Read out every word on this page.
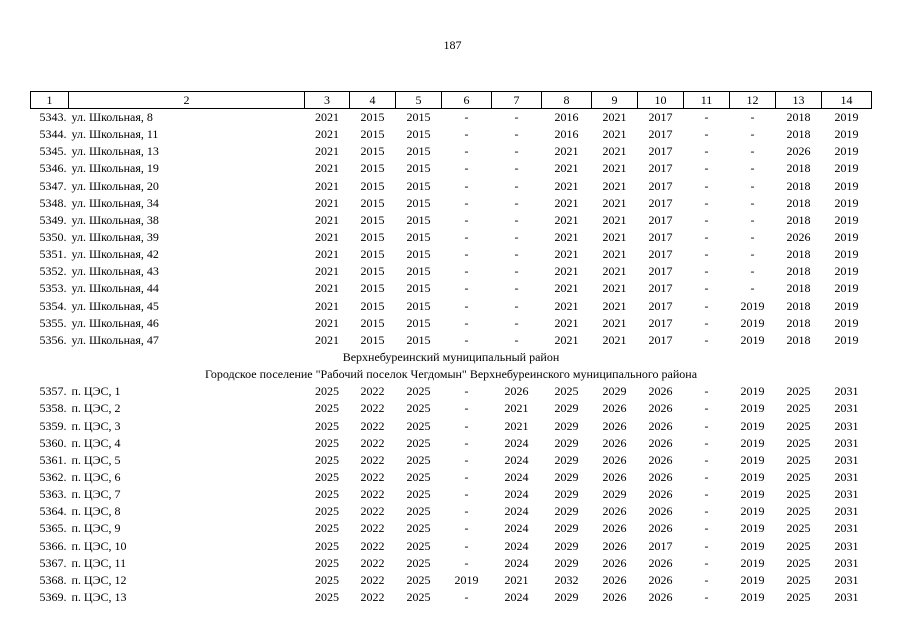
187
1	2	3	4	5	6	7	8	9	10	11	12	13	14
5343.	ул. Школьная, 8	2021	2015	2015	-	-	2016	2021	2017	-	-	2018	2019
5344.	ул. Школьная, 11	2021	2015	2015	-	-	2016	2021	2017	-	-	2018	2019
5345.	ул. Школьная, 13	2021	2015	2015	-	-	2021	2021	2017	-	-	2026	2019
5346.	ул. Школьная, 19	2021	2015	2015	-	-	2021	2021	2017	-	-	2018	2019
5347.	ул. Школьная, 20	2021	2015	2015	-	-	2021	2021	2017	-	-	2018	2019
5348.	ул. Школьная, 34	2021	2015	2015	-	-	2021	2021	2017	-	-	2018	2019
5349.	ул. Школьная, 38	2021	2015	2015	-	-	2021	2021	2017	-	-	2018	2019
5350.	ул. Школьная, 39	2021	2015	2015	-	-	2021	2021	2017	-	-	2026	2019
5351.	ул. Школьная, 42	2021	2015	2015	-	-	2021	2021	2017	-	-	2018	2019
5352.	ул. Школьная, 43	2021	2015	2015	-	-	2021	2021	2017	-	-	2018	2019
5353.	ул. Школьная, 44	2021	2015	2015	-	-	2021	2021	2017	-	-	2018	2019
5354.	ул. Школьная, 45	2021	2015	2015	-	-	2021	2021	2017	-	2019	2018	2019
5355.	ул. Школьная, 46	2021	2015	2015	-	-	2021	2021	2017	-	2019	2018	2019
5356.	ул. Школьная, 47	2021	2015	2015	-	-	2021	2021	2017	-	2019	2018	2019
Верхнебуреинский муниципальный район													
Городское поселение "Рабочий поселок Чегдомын" Верхнебуреинского муниципального района													
5357.	п. ЦЭС, 1	2025	2022	2025	-	2026	2025	2029	2026	-	2019	2025	2031
5358.	п. ЦЭС, 2	2025	2022	2025	-	2021	2029	2026	2026	-	2019	2025	2031
5359.	п. ЦЭС, 3	2025	2022	2025	-	2021	2029	2026	2026	-	2019	2025	2031
5360.	п. ЦЭС, 4	2025	2022	2025	-	2024	2029	2026	2026	-	2019	2025	2031
5361.	п. ЦЭС, 5	2025	2022	2025	-	2024	2029	2026	2026	-	2019	2025	2031
5362.	п. ЦЭС, 6	2025	2022	2025	-	2024	2029	2026	2026	-	2019	2025	2031
5363.	п. ЦЭС, 7	2025	2022	2025	-	2024	2029	2029	2026	-	2019	2025	2031
5364.	п. ЦЭС, 8	2025	2022	2025	-	2024	2029	2026	2026	-	2019	2025	2031
5365.	п. ЦЭС, 9	2025	2022	2025	-	2024	2029	2026	2026	-	2019	2025	2031
5366.	п. ЦЭС, 10	2025	2022	2025	-	2024	2029	2026	2017	-	2019	2025	2031
5367.	п. ЦЭС, 11	2025	2022	2025	-	2024	2029	2026	2026	-	2019	2025	2031
5368.	п. ЦЭС, 12	2025	2022	2025	2019	2021	2032	2026	2026	-	2019	2025	2031
5369.	п. ЦЭС, 13	2025	2022	2025	-	2024	2029	2026	2026	-	2019	2025	2031
